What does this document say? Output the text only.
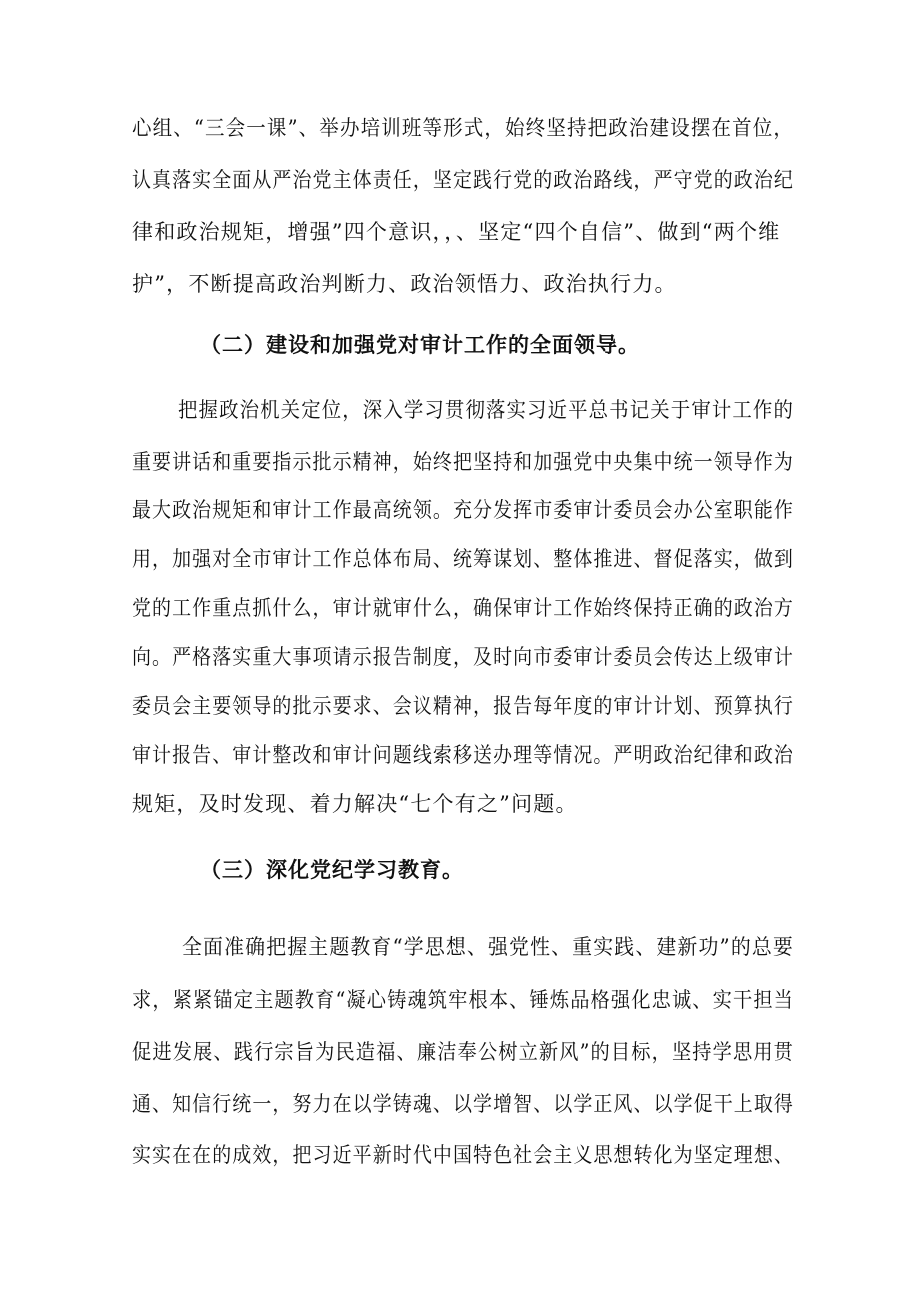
心组、“三会一课”、举办培训班等形式，始终坚持把政治建设摆在首位，
认真落实全面从严治党主体责任，坚定践行党的政治路线，严守党的政治纪
律和政治规矩，增强”四个意识，，、坚定“四个自信”、做到“两个维
护”，不断提高政治判断力、政治领悟力、政治执行力。
（二）建设和加强党对审计工作的全面领导。
把握政治机关定位，深入学习贯彻落实习近平总书记关于审计工作的
重要讲话和重要指示批示精神，始终把坚持和加强党中央集中统一领导作为
最大政治规矩和审计工作最高统领。充分发挥市委审计委员会办公室职能作
用，加强对全市审计工作总体布局、统筹谋划、整体推进、督促落实，做到
党的工作重点抓什么，审计就审什么，确保审计工作始终保持正确的政治方
向。严格落实重大事项请示报告制度，及时向市委审计委员会传达上级审计
委员会主要领导的批示要求、会议精神，报告每年度的审计计划、预算执行
审计报告、审计整改和审计问题线索移送办理等情况。严明政治纪律和政治
规矩，及时发现、着力解决“七个有之”问题。
（三）深化党纪学习教育。
全面准确把握主题教育“学思想、强党性、重实践、建新功”的总要
求，紧紧锚定主题教育“凝心铸魂筑牢根本、锤炼品格强化忠诚、实干担当
促进发展、践行宗旨为民造福、廉洁奉公树立新风”的目标，坚持学思用贯
通、知信行统一，努力在以学铸魂、以学增智、以学正风、以学促干上取得
实实在在的成效，把习近平新时代中国特色社会主义思想转化为坚定理想、
